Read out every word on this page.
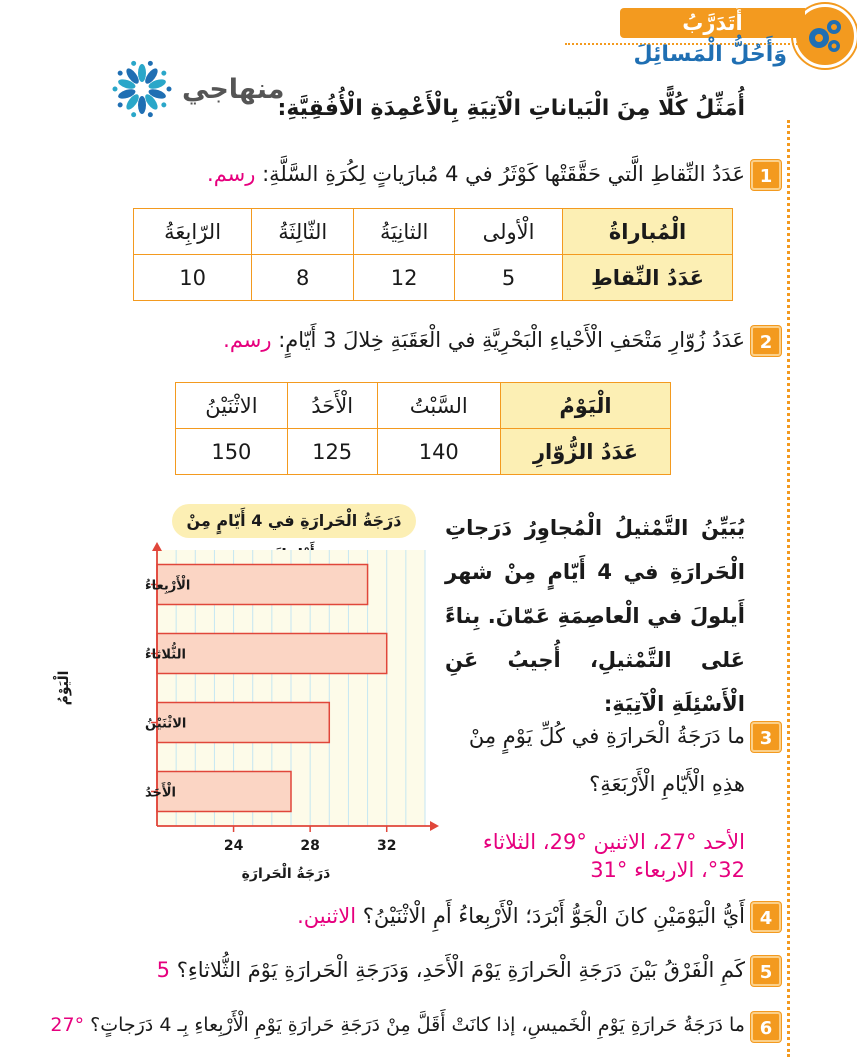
أَتَدَرَّبُ
وَأَحُلُّ الْمَسائِلَ
منهاجي
أُمَثِّلُ كُلًّا مِنَ الْبَياناتِ الْآتِيَةِ بِالْأَعْمِدَةِ الْأُفُقِيَّةِ:
1
عَدَدُ النِّقاطِ الَّتي حَقَّقَتْها كَوْثَرُ في 4 مُبارَياتٍ لِكُرَةِ السَّلَّةِ: رسم.
الْمُباراةُ	الْأولى	الثانِيَةُ	الثّالِثَةُ	الرّابِعَةُ
عَدَدُ النِّقاطِ	5	12	8	10
2
عَدَدُ زُوّارِ مَتْحَفِ الْأَحْياءِ الْبَحْرِيَّةِ في الْعَقَبَةِ خِلالَ 3 أَيّامٍ: رسم.
الْيَوْمُ	السَّبْتُ	الْأَحَدُ	الاثْنَيْنُ
عَدَدُ الزُّوّارِ	140	125	150
يُبَيِّنُ التَّمْثيلُ الْمُجاوِرُ دَرَجاتِ الْحَرارَةِ في 4 أَيّامٍ مِنْ شهر أَيلولَ في الْعاصِمَةِ عَمّانَ. بِناءً عَلى التَّمْثيلِ، أُجيبُ عَنِ الْأَسْئِلَةِ الْآتِيَةِ:
دَرَجَةُ الْحَرارَةِ في 4 أَيّامٍ مِنْ
الْأَحَدُ
الاثْنَيْنُ
الثُّلاثاءُ
الْأَرْبِعاءُ
24	28	32
دَرَجَةُ الْحَرارَةِ
الْيَوْمُ
3
ما دَرَجَةُ الْحَرارَةِ في كُلِّ يَوْمٍ مِنْ
هذِهِ الْأَيّامِ الْأَرْبَعَةِ؟
الأحد °27، الاثنين °29، الثلاثاء
°32، الاربعاء °31
4
أَيُّ الْيَوْمَيْنِ كانَ الْجَوُّ أَبْرَدَ؛ الْأَرْبِعاءُ أَمِ الْاثْنَيْنُ؟ الاثنين.
5
كَمِ الْفَرْقُ بَيْنَ دَرَجَةِ الْحَرارَةِ يَوْمَ الْأَحَدِ، وَدَرَجَةِ الْحَرارَةِ يَوْمَ الثُّلاثاءِ؟ 5
6
ما دَرَجَةُ حَرارَةِ يَوْمِ الْخَميسِ، إذا كانَتْ أَقَلَّ مِنْ دَرَجَةِ حَرارَةِ يَوْمِ الْأَرْبِعاءِ بِـ 4 دَرَجاتٍ؟ °27
